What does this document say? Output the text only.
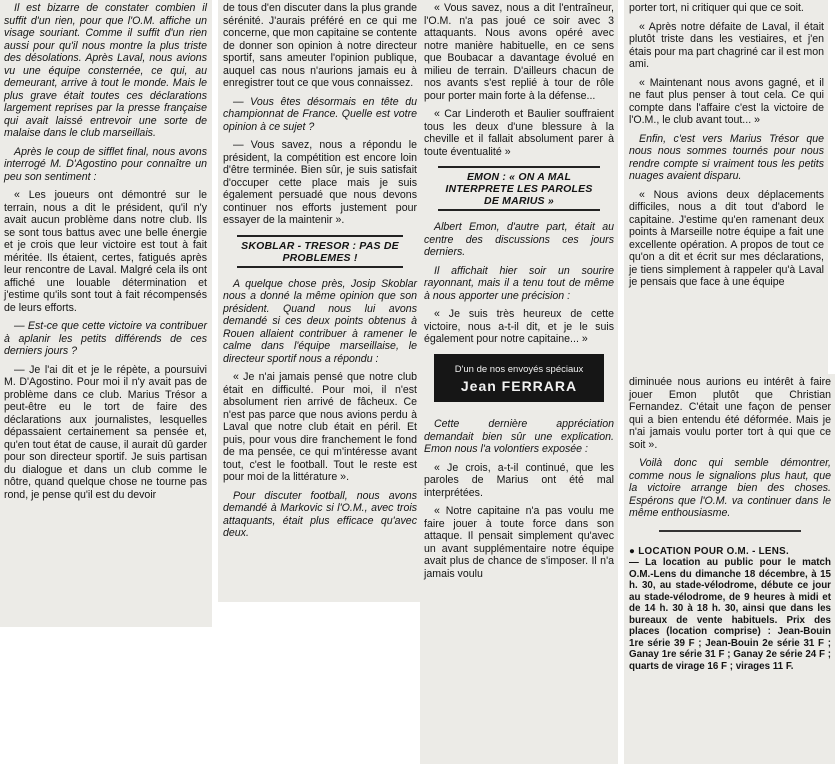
Il est bizarre de constater combien il suffit d'un rien, pour que l'O.M. affiche un visage souriant. Comme il suffit d'un rien aussi pour qu'il nous montre la plus triste des désolations. Après Laval, nous avions vu une équipe consternée, ce qui, au demeurant, arrive à tout le monde. Mais le plus grave était toutes ces déclarations largement reprises par la presse française qui avait laissé entrevoir une sorte de malaise dans le club marseillais.

Après le coup de sifflet final, nous avons interrogé M. D'Agostino pour connaître un peu son sentiment :

« Les joueurs ont démontré sur le terrain, nous a dit le président, qu'il n'y avait aucun problème dans notre club. Ils se sont tous battus avec une belle énergie et je crois que leur victoire est tout à fait méritée. Ils étaient, certes, fatigués après leur rencontre de Laval. Malgré cela ils ont affiché une louable détermination et j'estime qu'ils sont tout à fait récompensés de leurs efforts.

— Est-ce que cette victoire va contribuer à aplanir les petits différends de ces derniers jours ?

— Je l'ai dit et je le répète, a poursuivi M. D'Agostino. Pour moi il n'y avait pas de problème dans ce club. Marius Trésor a peut-être eu le tort de faire des déclarations aux journalistes, lesquelles dépassaient certainement sa pensée et, qu'en tout état de cause, il aurait dû garder pour son directeur sportif. Je suis partisan du dialogue et dans un club comme le nôtre, quand quelque chose ne tourne pas rond, je pense qu'il est du devoir

de tous d'en discuter dans la plus grande sérénité. J'aurais préféré en ce qui me concerne, que mon capitaine se contente de donner son opinion à notre directeur sportif, sans ameuter l'opinion publique, auquel cas nous n'aurions jamais eu à enregistrer tout ce que vous connaissez.

— Vous êtes désormais en tête du championnat de France. Quelle est votre opinion à ce sujet ?

— Vous savez, nous a répondu le président, la compétition est encore loin d'être terminée. Bien sûr, je suis satisfait d'occuper cette place mais je suis également persuadé que nous devons continuer nos efforts justement pour essayer de la maintenir ».

SKOBLAR - TRESOR : PAS DE PROBLEMES !

A quelque chose près, Josip Skoblar nous a donné la même opinion que son président. Quand nous lui avons demandé si ces deux points obtenus à Rouen allaient contribuer à ramener le calme dans l'équipe marseillaise, le directeur sportif nous a répondu :

« Je n'ai jamais pensé que notre club était en difficulté. Pour moi, il n'est absolument rien arrivé de fâcheux. Ce n'est pas parce que nous avions perdu à Laval que notre club était en péril. Et puis, pour vous dire franchement le fond de ma pensée, ce qui m'intéresse avant tout, c'est le football. Tout le reste est pour moi de la littérature ».

Pour discuter football, nous avons demandé à Markovic si l'O.M., avec trois attaquants, était plus efficace qu'avec deux.

« Vous savez, nous a dit l'entraîneur, l'O.M. n'a pas joué ce soir avec 3 attaquants. Nous avons opéré avec notre manière habituelle, en ce sens que Boubacar a davantage évolué en milieu de terrain. D'ailleurs chacun de nos avants s'est replié à tour de rôle pour porter main forte à la défense...

« Car Linderoth et Baulier souffraient tous les deux d'une blessure à la cheville et il fallait absolument parer à toute éventualité »

EMON : « ON A MAL INTERPRETE LES PAROLES DE MARIUS »

Albert Emon, d'autre part, était au centre des discussions ces jours derniers.

Il affichait hier soir un sourire rayonnant, mais il a tenu tout de même à nous apporter une précision :

« Je suis très heureux de cette victoire, nous a-t-il dit, et je le suis également pour notre capitaine... »

D'un de nos envoyés spéciaux
Jean FERRARA

Cette dernière appréciation demandait bien sûr une explication. Emon nous l'a volontiers exposée :

« Je crois, a-t-il continué, que les paroles de Marius ont été mal interprétées.

« Notre capitaine n'a pas voulu me faire jouer à toute force dans son attaque. Il pensait simplement qu'avec un avant supplémentaire notre équipe avait plus de chance de s'imposer. Il n'a jamais voulu

porter tort, ni critiquer qui que ce soit.

« Après notre défaite de Laval, il était plutôt triste dans les vestiaires, et j'en étais pour ma part chagriné car il est mon ami.

« Maintenant nous avons gagné, et il ne faut plus penser à tout cela. Ce qui compte dans l'affaire c'est la victoire de l'O.M., le club avant tout... »

Enfin, c'est vers Marius Trésor que nous nous sommes tournés pour nous rendre compte si vraiment tous les petits nuages avaient disparu.

« Nous avions deux déplacements difficiles, nous a dit tout d'abord le capitaine. J'estime qu'en ramenant deux points à Marseille notre équipe a fait une excellente opération. A propos de tout ce qu'on a dit et écrit sur mes déclarations, je tiens simplement à rappeler qu'à Laval je pensais que face à une équipe

diminuée nous aurions eu intérêt à faire jouer Emon plutôt que Christian Fernandez. C'était une façon de penser qui a bien entendu été déformée. Mais je n'ai jamais voulu porter tort à qui que ce soit ».

Voilà donc qui semble démontrer, comme nous le signalions plus haut, que la victoire arrange bien des choses. Espérons que l'O.M. va continuer dans le même enthousiasme.

● LOCATION POUR O.M. - LENS.
— La location au public pour le match O.M.-Lens du dimanche 18 décembre, à 15 h. 30, au stade-vélodrome, débute ce jour au stade-vélodrome, de 9 heures à midi et de 14 h. 30 à 18 h. 30, ainsi que dans les bureaux de vente habituels. Prix des places (location comprise) : Jean-Bouin 1re série 39 F ; Jean-Bouin 2e série 31 F ; Ganay 1re série 31 F ; Ganay 2e série 24 F ; quarts de virage 16 F ; virages 11 F.
